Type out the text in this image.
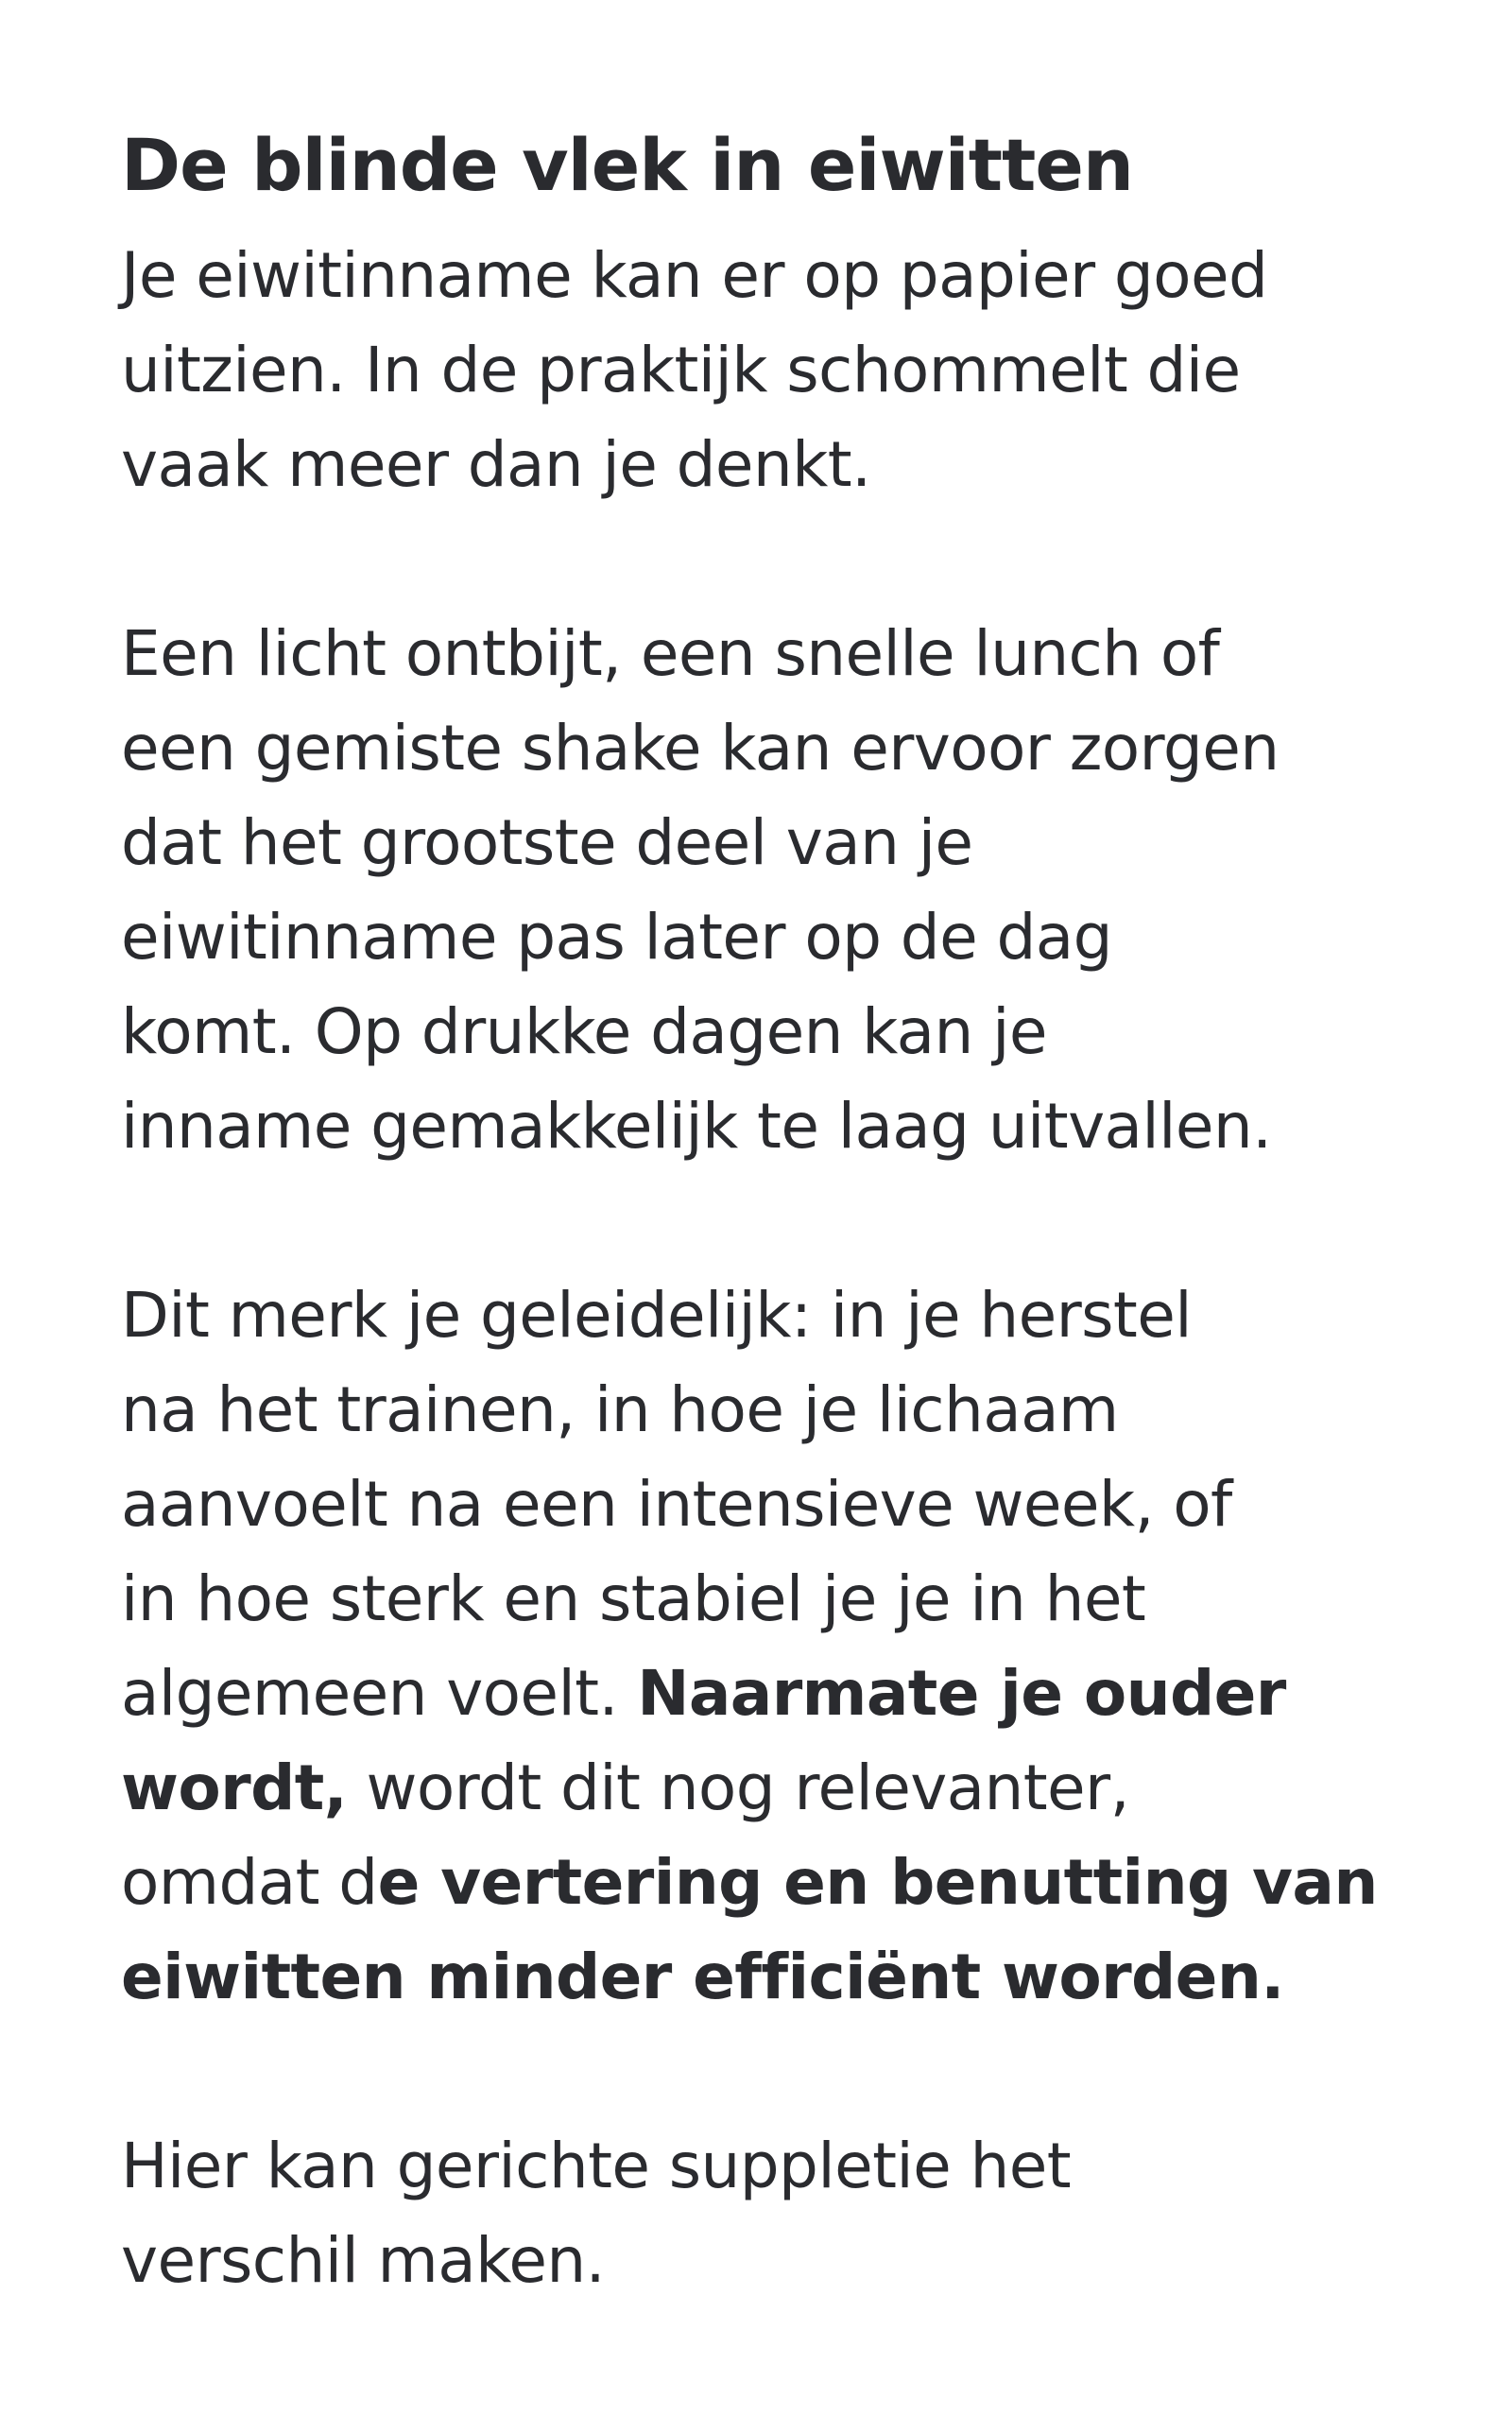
De blinde vlek in eiwitten

Je eiwitinname kan er op papier goed
uitzien. In de praktijk schommelt die
vaak meer dan je denkt.

Een licht ontbijt, een snelle lunch of
een gemiste shake kan ervoor zorgen
dat het grootste deel van je
eiwitinname pas later op de dag
komt. Op drukke dagen kan je
inname gemakkelijk te laag uitvallen.

Dit merk je geleidelijk: in je herstel
na het trainen, in hoe je lichaam
aanvoelt na een intensieve week, of
in hoe sterk en stabiel je je in het
algemeen voelt. Naarmate je ouder
wordt, wordt dit nog relevanter,
omdat de vertering en benutting van
eiwitten minder efficiënt worden.

Hier kan gerichte suppletie het
verschil maken.
